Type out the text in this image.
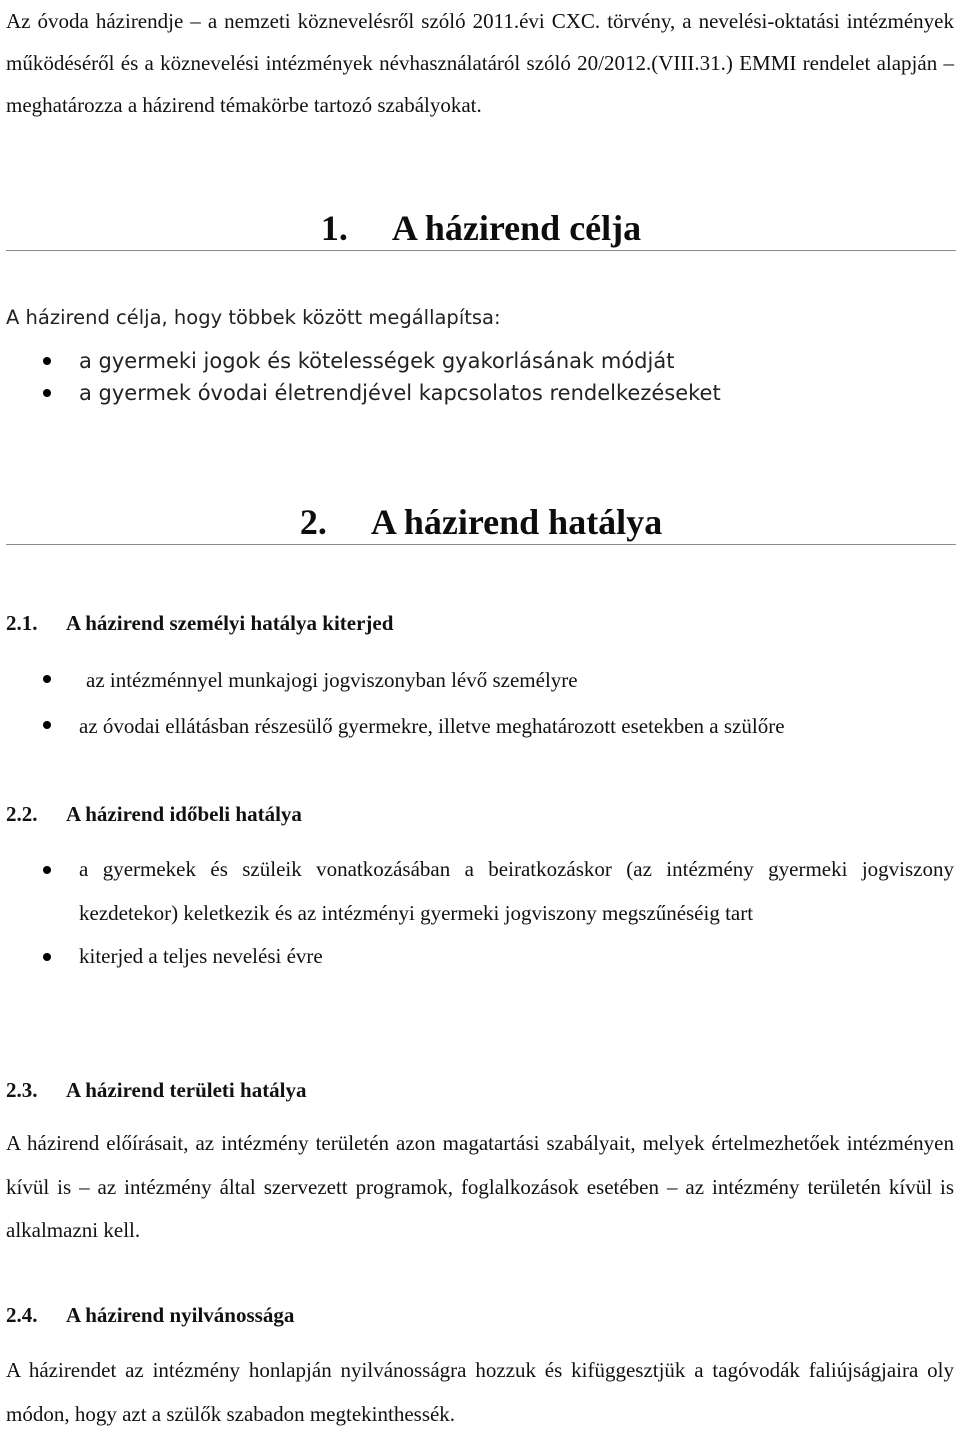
Az óvoda házirendje – a nemzeti köznevelésről szóló 2011.évi CXC. törvény, a nevelési-oktatási intézmények működéséről és a köznevelési intézmények névhasználatáról szóló 20/2012.(VIII.31.) EMMI rendelet alapján – meghatározza a házirend témakörbe tartozó szabályokat.

1. A házirend célja

A házirend célja, hogy többek között megállapítsa:

a gyermeki jogok és kötelességek gyakorlásának módját
a gyermek óvodai életrendjével kapcsolatos rendelkezéseket
2. A házirend hatálya

2.1. A házirend személyi hatálya kiterjed

az intézménnyel munkajogi jogviszonyban lévő személyre
az óvodai ellátásban részesülő gyermekre, illetve meghatározott esetekben a szülőre

2.2. A házirend időbeli hatálya

a gyermekek és szüleik vonatkozásában a beiratkozáskor (az intézmény gyermeki jogviszony kezdetekor) keletkezik és az intézményi gyermeki jogviszony megszűnéséig tart
kiterjed a teljes nevelési évre

2.3. A házirend területi hatálya

A házirend előírásait, az intézmény területén azon magatartási szabályait, melyek értelmezhetőek intézményen kívül is – az intézmény által szervezett programok, foglalkozások esetében – az intézmény területén kívül is alkalmazni kell.

2.4. A házirend nyilvánossága

A házirendet az intézmény honlapján nyilvánosságra hozzuk és kifüggesztjük a tagóvodák faliújságjaira oly módon, hogy azt a szülők szabadon megtekinthessék.
